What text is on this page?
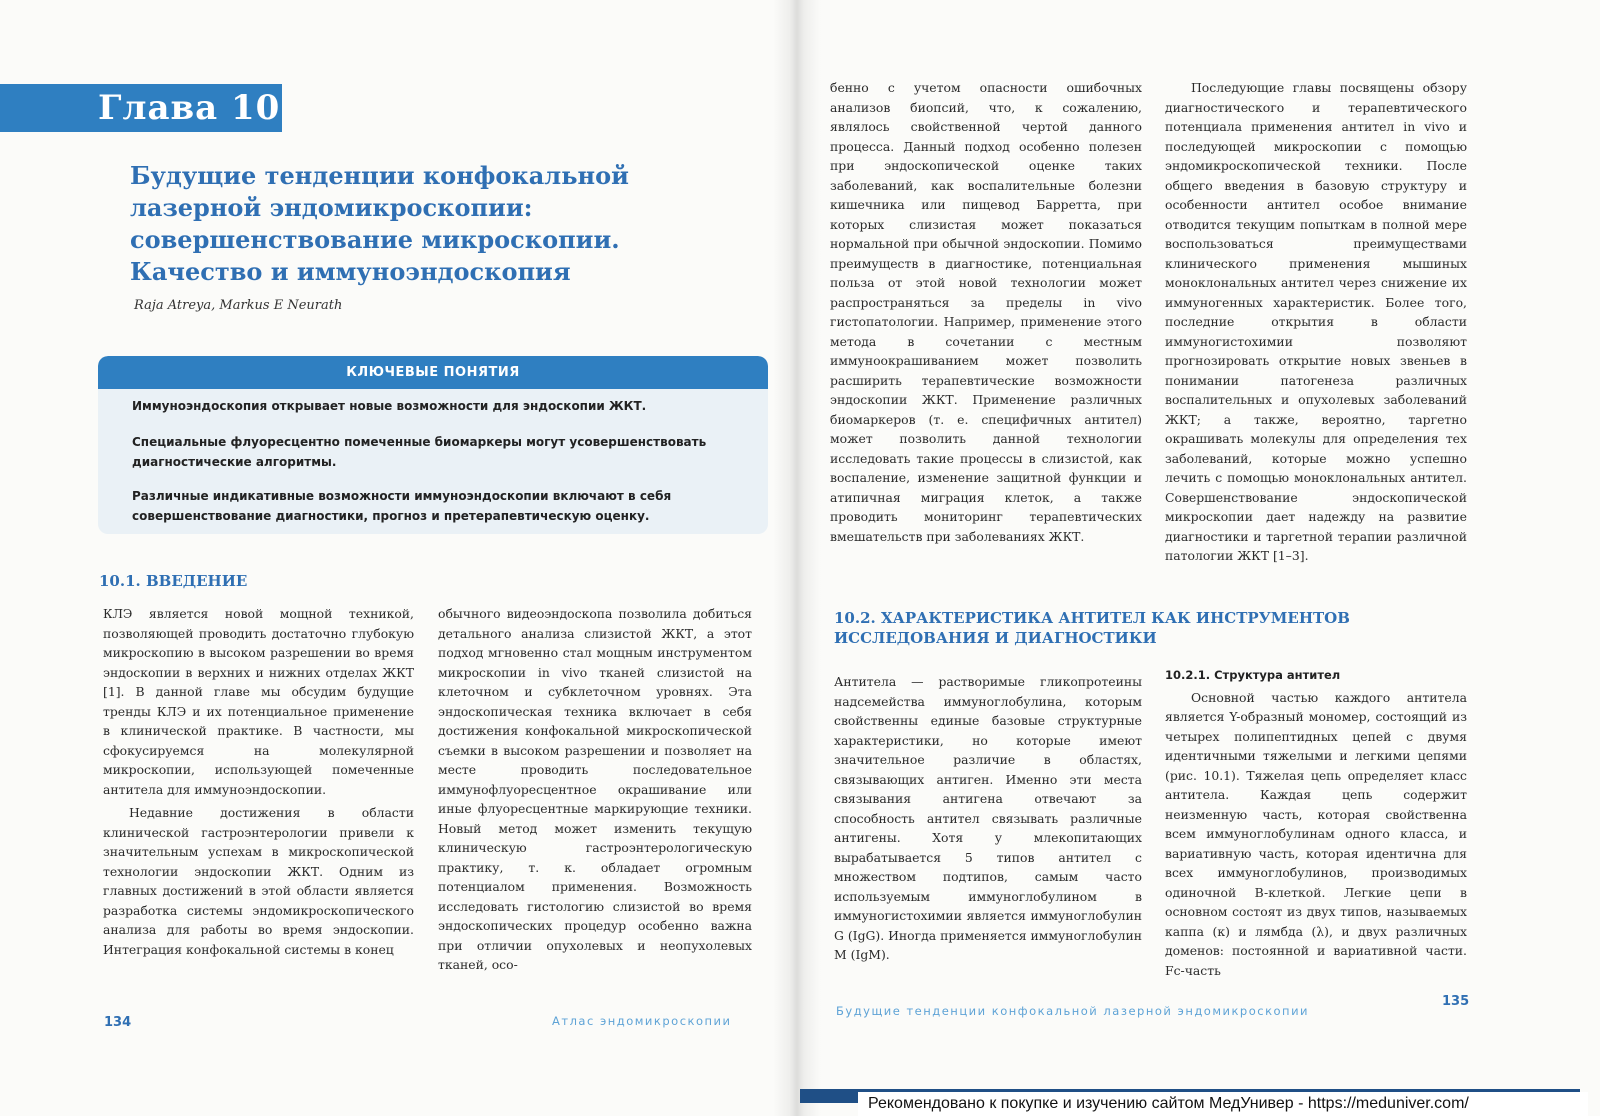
Глава 10
Будущие тенденции конфокальной лазерной эндомикроскопии: совершенствование микроскопии. Качество и иммуноэндоскопия
Raja Atreya, Markus E Neurath
КЛЮЧЕВЫЕ ПОНЯТИЯ
Иммуноэндоскопия открывает новые возможности для эндоскопии ЖКТ.
Специальные флуоресцентно помеченные биомаркеры могут усовершенствовать диагностические алгоритмы.
Различные индикативные возможности иммуноэндоскопии включают в себя совершенствование диагностики, прогноз и претерапевтическую оценку.
10.1. ВВЕДЕНИЕ

КЛЭ является новой мощной техникой, позволяющей проводить достаточно глубокую микроскопию в высоком разрешении во время эндоскопии в верхних и нижних отделах ЖКТ [1]. В данной главе мы обсудим будущие тренды КЛЭ и их потенциальное применение в клинической практике. В частности, мы сфокусируемся на молекулярной микроскопии, использующей помеченные антитела для иммуноэндоскопии.

Недавние достижения в области клинической гастроэнтерологии привели к значительным успехам в микроскопической технологии эндоскопии ЖКТ. Одним из главных достижений в этой области является разработка системы эндомикроскопического анализа для работы во время эндоскопии. Интеграция конфокальной системы в конец

обычного видеоэндоскопа позволила добиться детального анализа слизистой ЖКТ, а этот подход мгновенно стал мощным инструментом микроскопии in vivo тканей слизистой на клеточном и субклеточном уровнях. Эта эндоскопическая техника включает в себя достижения конфокальной микроскопической съемки в высоком разрешении и позволяет на месте проводить последовательное иммунофлуоресцентное окрашивание или иные флуоресцентные маркирующие техники. Новый метод может изменить текущую клиническую гастроэнтерологическую практику, т. к. обладает огромным потенциалом применения. Возможность исследовать гистологию слизистой во время эндоскопических процедур особенно важна при отличии опухолевых и неопухолевых тканей, осо-

134	Атлас эндомикроскопии

бенно с учетом опасности ошибочных анализов биопсий, что, к сожалению, являлось свойственной чертой данного процесса. Данный подход особенно полезен при эндоскопической оценке таких заболеваний, как воспалительные болезни кишечника или пищевод Барретта, при которых слизистая может показаться нормальной при обычной эндоскопии. Помимо преимуществ в диагностике, потенциальная польза от этой новой технологии может распространяться за пределы in vivo гистопатологии. Например, применение этого метода в сочетании с местным иммуноокрашиванием может позволить расширить терапевтические возможности эндоскопии ЖКТ. Применение различных биомаркеров (т. е. специфичных антител) может позволить данной технологии исследовать такие процессы в слизистой, как воспаление, изменение защитной функции и атипичная миграция клеток, а также проводить мониторинг терапевтических вмешательств при заболеваниях ЖКТ.

Последующие главы посвящены обзору диагностического и терапевтического потенциала применения антител in vivo и последующей микроскопии с помощью эндомикроскопической техники. После общего введения в базовую структуру и особенности антител особое внимание отводится текущим попыткам в полной мере воспользоваться преимуществами клинического применения мышиных моноклональных антител через снижение их иммуногенных характеристик. Более того, последние открытия в области иммуногистохимии позволяют прогнозировать открытие новых звеньев в понимании патогенеза различных воспалительных и опухолевых заболеваний ЖКТ; а также, вероятно, таргетно окрашивать молекулы для определения тех заболеваний, которые можно успешно лечить с помощью моноклональных антител. Совершенствование эндоскопической микроскопии дает надежду на развитие диагностики и таргетной терапии различной патологии ЖКТ [1–3].

10.2. ХАРАКТЕРИСТИКА АНТИТЕЛ КАК ИНСТРУМЕНТОВ ИССЛЕДОВАНИЯ И ДИАГНОСТИКИ

Антитела — растворимые гликопротеины надсемейства иммуноглобулина, которым свойственны единые базовые структурные характеристики, но которые имеют значительное различие в областях, связывающих антиген. Именно эти места связывания антигена отвечают за способность антител связывать различные антигены. Хотя у млекопитающих вырабатывается 5 типов антител с множеством подтипов, самым часто используемым иммуноглобулином в иммуногистохимии является иммуноглобулин G (IgG). Иногда применяется иммуноглобулин M (IgM).

10.2.1. Структура антител

Основной частью каждого антитела является Y-образный мономер, состоящий из четырех полипептидных цепей с двумя идентичными тяжелыми и легкими цепями (рис. 10.1). Тяжелая цепь определяет класс антитела. Каждая цепь содержит неизменную часть, которая свойственна всем иммуноглобулинам одного класса, и вариативную часть, которая идентична для всех иммуноглобулинов, производимых одиночной B-клеткой. Легкие цепи в основном состоят из двух типов, называемых каппа (κ) и лямбда (λ), и двух различных доменов: постоянной и вариативной части. Fc-часть

Будущие тенденции конфокальной лазерной эндомикроскопии
135
Рекомендовано к покупке и изучению сайтом МедУнивер - https://meduniver.com/
